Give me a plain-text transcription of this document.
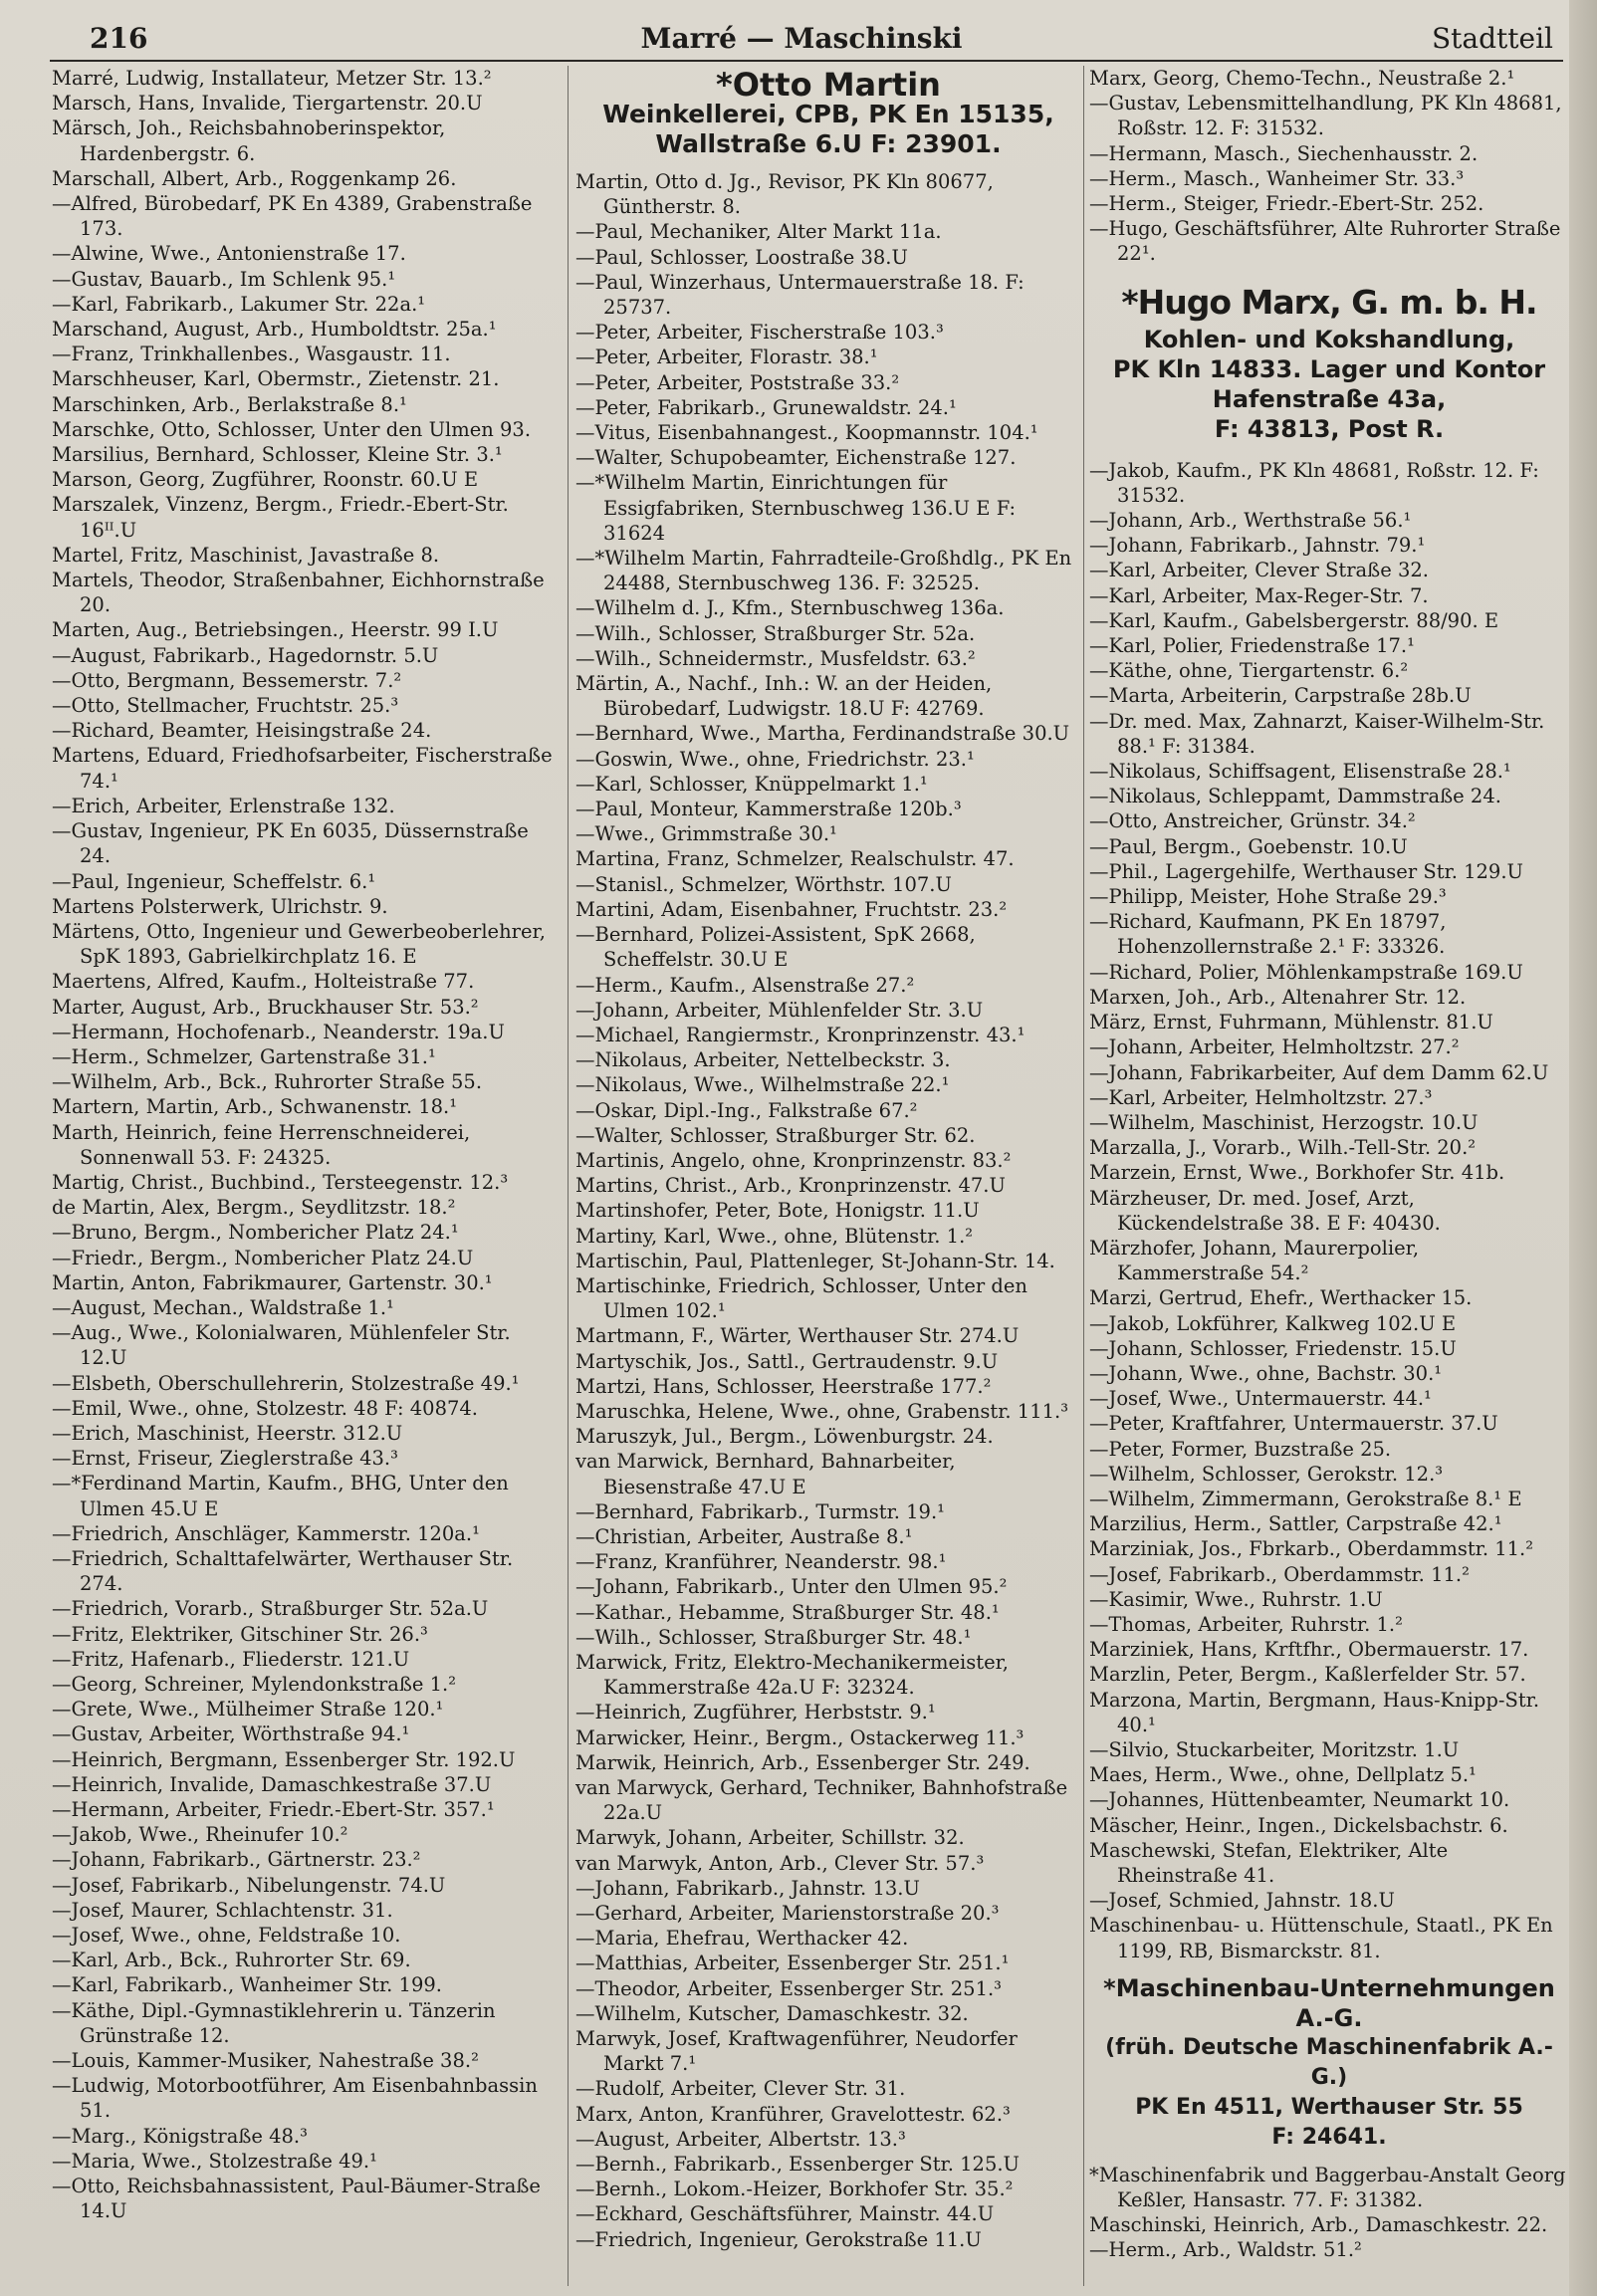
216	Marré — Maschinski	Stadtteil
Marré, Ludwig, Installateur, Metzer Str. 13.²
Marsch, Hans, Invalide, Tiergartenstr. 20.U
Märsch, Joh., Reichsbahnoberinspektor, Hardenbergstr. 6.
Marschall, Albert, Arb., Roggenkamp 26.
—Alfred, Bürobedarf, PK En 4389, Grabenstraße 173.
—Alwine, Wwe., Antonienstraße 17.
—Gustav, Bauarb., Im Schlenk 95.¹
—Karl, Fabrikarb., Lakumer Str. 22a.¹
Marschand, August, Arb., Humboldtstr. 25a.¹
—Franz, Trinkhallenbes., Wasgaustr. 11.
Marschheuser, Karl, Obermstr., Zietenstr. 21.
Marschinken, Arb., Berlakstraße 8.¹
Marschke, Otto, Schlosser, Unter den Ulmen 93.
Marsilius, Bernhard, Schlosser, Kleine Str. 3.¹
Marson, Georg, Zugführer, Roonstr. 60.U E
Marszalek, Vinzenz, Bergm., Friedr.-Ebert-Str. 16ᴵᴵ.U
Martel, Fritz, Maschinist, Javastraße 8.
Martels, Theodor, Straßenbahner, Eichhornstraße 20.
Marten, Aug., Betriebsingen., Heerstr. 99 I.U
—August, Fabrikarb., Hagedornstr. 5.U
—Otto, Bergmann, Bessemerstr. 7.²
—Otto, Stellmacher, Fruchtstr. 25.³
—Richard, Beamter, Heisingstraße 24.
Martens, Eduard, Friedhofsarbeiter, Fischerstraße 74.¹
—Erich, Arbeiter, Erlenstraße 132.
—Gustav, Ingenieur, PK En 6035, Düssernstraße 24.
—Paul, Ingenieur, Scheffelstr. 6.¹
Martens Polsterwerk, Ulrichstr. 9.
Märtens, Otto, Ingenieur und Gewerbeoberlehrer, SpK 1893, Gabrielkirchplatz 16. E
Maertens, Alfred, Kaufm., Holteistraße 77.
Marter, August, Arb., Bruckhauser Str. 53.²
—Hermann, Hochofenarb., Neanderstr. 19a.U
—Herm., Schmelzer, Gartenstraße 31.¹
—Wilhelm, Arb., Bck., Ruhrorter Straße 55.
Martern, Martin, Arb., Schwanenstr. 18.¹
Marth, Heinrich, feine Herrenschneiderei, Sonnenwall 53. F: 24325.
Martig, Christ., Buchbind., Tersteegenstr. 12.³
de Martin, Alex, Bergm., Seydlitzstr. 18.²
—Bruno, Bergm., Nombericher Platz 24.¹
—Friedr., Bergm., Nombericher Platz 24.U
Martin, Anton, Fabrikmaurer, Gartenstr. 30.¹
—August, Mechan., Waldstraße 1.¹
—Aug., Wwe., Kolonialwaren, Mühlenfeler Str. 12.U
—Elsbeth, Oberschullehrerin, Stolzestraße 49.¹
—Emil, Wwe., ohne, Stolzestr. 48 F: 40874.
—Erich, Maschinist, Heerstr. 312.U
—Ernst, Friseur, Zieglerstraße 43.³
—*Ferdinand Martin, Kaufm., BHG, Unter den Ulmen 45.U E
—Friedrich, Anschläger, Kammerstr. 120a.¹
—Friedrich, Schalttafelwärter, Werthauser Str. 274.
—Friedrich, Vorarb., Straßburger Str. 52a.U
—Fritz, Elektriker, Gitschiner Str. 26.³
—Fritz, Hafenarb., Fliederstr. 121.U
—Georg, Schreiner, Mylendonkstraße 1.²
—Grete, Wwe., Mülheimer Straße 120.¹
—Gustav, Arbeiter, Wörthstraße 94.¹
—Heinrich, Bergmann, Essenberger Str. 192.U
—Heinrich, Invalide, Damaschkestraße 37.U
—Hermann, Arbeiter, Friedr.-Ebert-Str. 357.¹
—Jakob, Wwe., Rheinufer 10.²
—Johann, Fabrikarb., Gärtnerstr. 23.²
—Josef, Fabrikarb., Nibelungenstr. 74.U
—Josef, Maurer, Schlachtenstr. 31.
—Josef, Wwe., ohne, Feldstraße 10.
—Karl, Arb., Bck., Ruhrorter Str. 69.
—Karl, Fabrikarb., Wanheimer Str. 199.
—Käthe, Dipl.-Gymnastiklehrerin u. Tänzerin Grünstraße 12.
—Louis, Kammer-Musiker, Nahestraße 38.²
—Ludwig, Motorbootführer, Am Eisenbahnbassin 51.
—Marg., Königstraße 48.³
—Maria, Wwe., Stolzestraße 49.¹
—Otto, Reichsbahnassistent, Paul-Bäumer-Straße 14.U
*Otto Martin
Weinkellerei, CPB, PK En 15135,
Wallstraße 6.U F: 23901.
Martin, Otto d. Jg., Revisor, PK Kln 80677, Güntherstr. 8.
—Paul, Mechaniker, Alter Markt 11a.
—Paul, Schlosser, Loostraße 38.U
—Paul, Winzerhaus, Untermauerstraße 18. F: 25737.
—Peter, Arbeiter, Fischerstraße 103.³
—Peter, Arbeiter, Florastr. 38.¹
—Peter, Arbeiter, Poststraße 33.²
—Peter, Fabrikarb., Grunewaldstr. 24.¹
—Vitus, Eisenbahnangest., Koopmannstr. 104.¹
—Walter, Schupobeamter, Eichenstraße 127.
—*Wilhelm Martin, Einrichtungen für Essigfabriken, Sternbuschweg 136.U E F: 31624
—*Wilhelm Martin, Fahrradteile-Großhdlg., PK En 24488, Sternbuschweg 136. F: 32525.
—Wilhelm d. J., Kfm., Sternbuschweg 136a.
—Wilh., Schlosser, Straßburger Str. 52a.
—Wilh., Schneidermstr., Musfeldstr. 63.²
Märtin, A., Nachf., Inh.: W. an der Heiden, Bürobedarf, Ludwigstr. 18.U F: 42769.
—Bernhard, Wwe., Martha, Ferdinandstraße 30.U
—Goswin, Wwe., ohne, Friedrichstr. 23.¹
—Karl, Schlosser, Knüppelmarkt 1.¹
—Paul, Monteur, Kammerstraße 120b.³
—Wwe., Grimmstraße 30.¹
Martina, Franz, Schmelzer, Realschulstr. 47.
—Stanisl., Schmelzer, Wörthstr. 107.U
Martini, Adam, Eisenbahner, Fruchtstr. 23.²
—Bernhard, Polizei-Assistent, SpK 2668, Scheffelstr. 30.U E
—Herm., Kaufm., Alsenstraße 27.²
—Johann, Arbeiter, Mühlenfelder Str. 3.U
—Michael, Rangiermstr., Kronprinzenstr. 43.¹
—Nikolaus, Arbeiter, Nettelbeckstr. 3.
—Nikolaus, Wwe., Wilhelmstraße 22.¹
—Oskar, Dipl.-Ing., Falkstraße 67.²
—Walter, Schlosser, Straßburger Str. 62.
Martinis, Angelo, ohne, Kronprinzenstr. 83.²
Martins, Christ., Arb., Kronprinzenstr. 47.U
Martinshofer, Peter, Bote, Honigstr. 11.U
Martiny, Karl, Wwe., ohne, Blütenstr. 1.²
Martischin, Paul, Plattenleger, St-Johann-Str. 14.
Martischinke, Friedrich, Schlosser, Unter den Ulmen 102.¹
Martmann, F., Wärter, Werthauser Str. 274.U
Martyschik, Jos., Sattl., Gertraudenstr. 9.U
Martzi, Hans, Schlosser, Heerstraße 177.²
Maruschka, Helene, Wwe., ohne, Grabenstr. 111.³
Maruszyk, Jul., Bergm., Löwenburgstr. 24.
van Marwick, Bernhard, Bahnarbeiter, Biesenstraße 47.U E
—Bernhard, Fabrikarb., Turmstr. 19.¹
—Christian, Arbeiter, Austraße 8.¹
—Franz, Kranführer, Neanderstr. 98.¹
—Johann, Fabrikarb., Unter den Ulmen 95.²
—Kathar., Hebamme, Straßburger Str. 48.¹
—Wilh., Schlosser, Straßburger Str. 48.¹
Marwick, Fritz, Elektro-Mechanikermeister, Kammerstraße 42a.U F: 32324.
—Heinrich, Zugführer, Herbststr. 9.¹
Marwicker, Heinr., Bergm., Ostackerweg 11.³
Marwik, Heinrich, Arb., Essenberger Str. 249.
van Marwyck, Gerhard, Techniker, Bahnhofstraße 22a.U
Marwyk, Johann, Arbeiter, Schillstr. 32.
van Marwyk, Anton, Arb., Clever Str. 57.³
—Johann, Fabrikarb., Jahnstr. 13.U
—Gerhard, Arbeiter, Marienstorstraße 20.³
—Maria, Ehefrau, Werthacker 42.
—Matthias, Arbeiter, Essenberger Str. 251.¹
—Theodor, Arbeiter, Essenberger Str. 251.³
—Wilhelm, Kutscher, Damaschkestr. 32.
Marwyk, Josef, Kraftwagenführer, Neudorfer Markt 7.¹
—Rudolf, Arbeiter, Clever Str. 31.
Marx, Anton, Kranführer, Gravelottestr. 62.³
—August, Arbeiter, Albertstr. 13.³
—Bernh., Fabrikarb., Essenberger Str. 125.U
—Bernh., Lokom.-Heizer, Borkhofer Str. 35.²
—Eckhard, Geschäftsführer, Mainstr. 44.U
—Friedrich, Ingenieur, Gerokstraße 11.U
Marx, Georg, Chemo-Techn., Neustraße 2.¹
—Gustav, Lebensmittelhandlung, PK Kln 48681, Roßstr. 12. F: 31532.
—Hermann, Masch., Siechenhausstr. 2.
—Herm., Masch., Wanheimer Str. 33.³
—Herm., Steiger, Friedr.-Ebert-Str. 252.
—Hugo, Geschäftsführer, Alte Ruhrorter Straße 22¹.
*Hugo Marx, G. m. b. H.
Kohlen- und Kokshandlung,
PK Kln 14833. Lager und Kontor
Hafenstraße 43a,
F: 43813, Post R.
—Jakob, Kaufm., PK Kln 48681, Roßstr. 12. F: 31532.
—Johann, Arb., Werthstraße 56.¹
—Johann, Fabrikarb., Jahnstr. 79.¹
—Karl, Arbeiter, Clever Straße 32.
—Karl, Arbeiter, Max-Reger-Str. 7.
—Karl, Kaufm., Gabelsbergerstr. 88/90. E
—Karl, Polier, Friedenstraße 17.¹
—Käthe, ohne, Tiergartenstr. 6.²
—Marta, Arbeiterin, Carpstraße 28b.U
—Dr. med. Max, Zahnarzt, Kaiser-Wilhelm-Str. 88.¹ F: 31384.
—Nikolaus, Schiffsagent, Elisenstraße 28.¹
—Nikolaus, Schleppamt, Dammstraße 24.
—Otto, Anstreicher, Grünstr. 34.²
—Paul, Bergm., Goebenstr. 10.U
—Phil., Lagergehilfe, Werthauser Str. 129.U
—Philipp, Meister, Hohe Straße 29.³
—Richard, Kaufmann, PK En 18797, Hohenzollernstraße 2.¹ F: 33326.
—Richard, Polier, Möhlenkampstraße 169.U
Marxen, Joh., Arb., Altenahrer Str. 12.
März, Ernst, Fuhrmann, Mühlenstr. 81.U
—Johann, Arbeiter, Helmholtzstr. 27.²
—Johann, Fabrikarbeiter, Auf dem Damm 62.U
—Karl, Arbeiter, Helmholtzstr. 27.³
—Wilhelm, Maschinist, Herzogstr. 10.U
Marzalla, J., Vorarb., Wilh.-Tell-Str. 20.²
Marzein, Ernst, Wwe., Borkhofer Str. 41b.
Märzheuser, Dr. med. Josef, Arzt, Kückendelstraße 38. E F: 40430.
Märzhofer, Johann, Maurerpolier, Kammerstraße 54.²
Marzi, Gertrud, Ehefr., Werthacker 15.
—Jakob, Lokführer, Kalkweg 102.U E
—Johann, Schlosser, Friedenstr. 15.U
—Johann, Wwe., ohne, Bachstr. 30.¹
—Josef, Wwe., Untermauerstr. 44.¹
—Peter, Kraftfahrer, Untermauerstr. 37.U
—Peter, Former, Buzstraße 25.
—Wilhelm, Schlosser, Gerokstr. 12.³
—Wilhelm, Zimmermann, Gerokstraße 8.¹ E
Marzilius, Herm., Sattler, Carpstraße 42.¹
Marziniak, Jos., Fbrkarb., Oberdammstr. 11.²
—Josef, Fabrikarb., Oberdammstr. 11.²
—Kasimir, Wwe., Ruhrstr. 1.U
—Thomas, Arbeiter, Ruhrstr. 1.²
Marziniek, Hans, Krftfhr., Obermauerstr. 17.
Marzlin, Peter, Bergm., Kaßlerfelder Str. 57.
Marzona, Martin, Bergmann, Haus-Knipp-Str. 40.¹
—Silvio, Stuckarbeiter, Moritzstr. 1.U
Maes, Herm., Wwe., ohne, Dellplatz 5.¹
—Johannes, Hüttenbeamter, Neumarkt 10.
Mäscher, Heinr., Ingen., Dickelsbachstr. 6.
Maschewski, Stefan, Elektriker, Alte Rheinstraße 41.
—Josef, Schmied, Jahnstr. 18.U
Maschinenbau- u. Hüttenschule, Staatl., PK En 1199, RB, Bismarckstr. 81.
*Maschinenbau-Unternehmungen A.-G.
(früh. Deutsche Maschinenfabrik A.-G.)
PK En 4511, Werthauser Str. 55
F: 24641.
*Maschinenfabrik und Baggerbau-Anstalt Georg Keßler, Hansastr. 77. F: 31382.
Maschinski, Heinrich, Arb., Damaschkestr. 22.
—Herm., Arb., Waldstr. 51.²
